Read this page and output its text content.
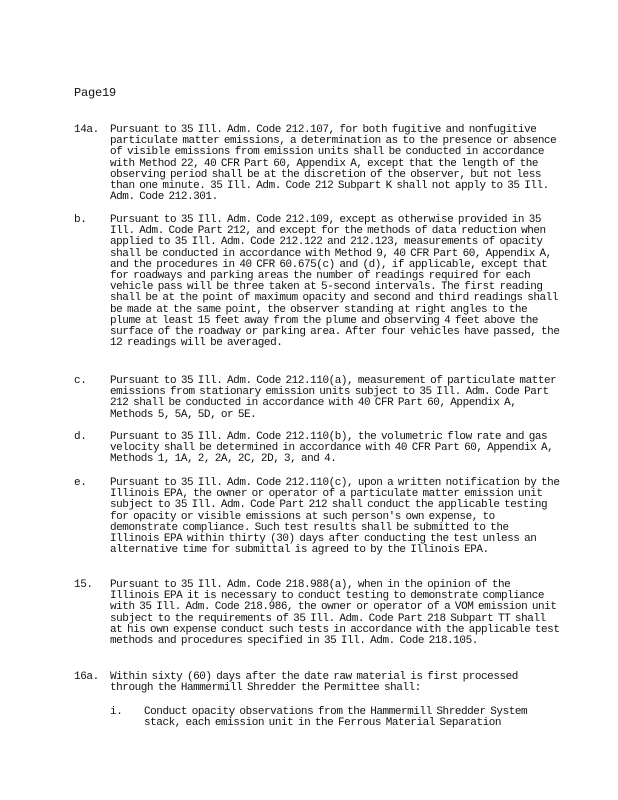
Page19
14a.	Pursuant to 35 Ill. Adm. Code 212.107, for both fugitive and nonfugitive particulate matter emissions, a determination as to the presence or absence of visible emissions from emission units shall be conducted in accordance with Method 22, 40 CFR Part 60, Appendix A, except that the length of the observing period shall be at the discretion of the observer, but not less than one minute. 35 Ill. Adm. Code 212 Subpart K shall not apply to 35 Ill. Adm. Code 212.301.
b.	Pursuant to 35 Ill. Adm. Code 212.109, except as otherwise provided in 35 Ill. Adm. Code Part 212, and except for the methods of data reduction when applied to 35 Ill. Adm. Code 212.122 and 212.123, measurements of opacity shall be conducted in accordance with Method 9, 40 CFR Part 60, Appendix A, and the procedures in 40 CFR 60.675(c) and (d), if applicable, except that for roadways and parking areas the number of readings required for each vehicle pass will be three taken at 5-second intervals. The first reading shall be at the point of maximum opacity and second and third readings shall be made at the same point, the observer standing at right angles to the plume at least 15 feet away from the plume and observing 4 feet above the surface of the roadway or parking area. After four vehicles have passed, the 12 readings will be averaged.
c.	Pursuant to 35 Ill. Adm. Code 212.110(a), measurement of particulate matter emissions from stationary emission units subject to 35 Ill. Adm. Code Part 212 shall be conducted in accordance with 40 CFR Part 60, Appendix A, Methods 5, 5A, 5D, or 5E.
d.	Pursuant to 35 Ill. Adm. Code 212.110(b), the volumetric flow rate and gas velocity shall be determined in accordance with 40 CFR Part 60, Appendix A, Methods 1, 1A, 2, 2A, 2C, 2D, 3, and 4.
e.	Pursuant to 35 Ill. Adm. Code 212.110(c), upon a written notification by the Illinois EPA, the owner or operator of a particulate matter emission unit subject to 35 Ill. Adm. Code Part 212 shall conduct the applicable testing for opacity or visible emissions at such person's own expense, to demonstrate compliance. Such test results shall be submitted to the Illinois EPA within thirty (30) days after conducting the test unless an alternative time for submittal is agreed to by the Illinois EPA.
15.	Pursuant to 35 Ill. Adm. Code 218.988(a), when in the opinion of the Illinois EPA it is necessary to conduct testing to demonstrate compliance with 35 Ill. Adm. Code 218.986, the owner or operator of a VOM emission unit subject to the requirements of 35 Ill. Adm. Code Part 218 Subpart TT shall at his own expense conduct such tests in accordance with the applicable test methods and procedures specified in 35 Ill. Adm. Code 218.105.
16a.	Within sixty (60) days after the date raw material is first processed through the Hammermill Shredder the Permittee shall:
i.	Conduct opacity observations from the Hammermill Shredder System stack, each emission unit in the Ferrous Material Separation
